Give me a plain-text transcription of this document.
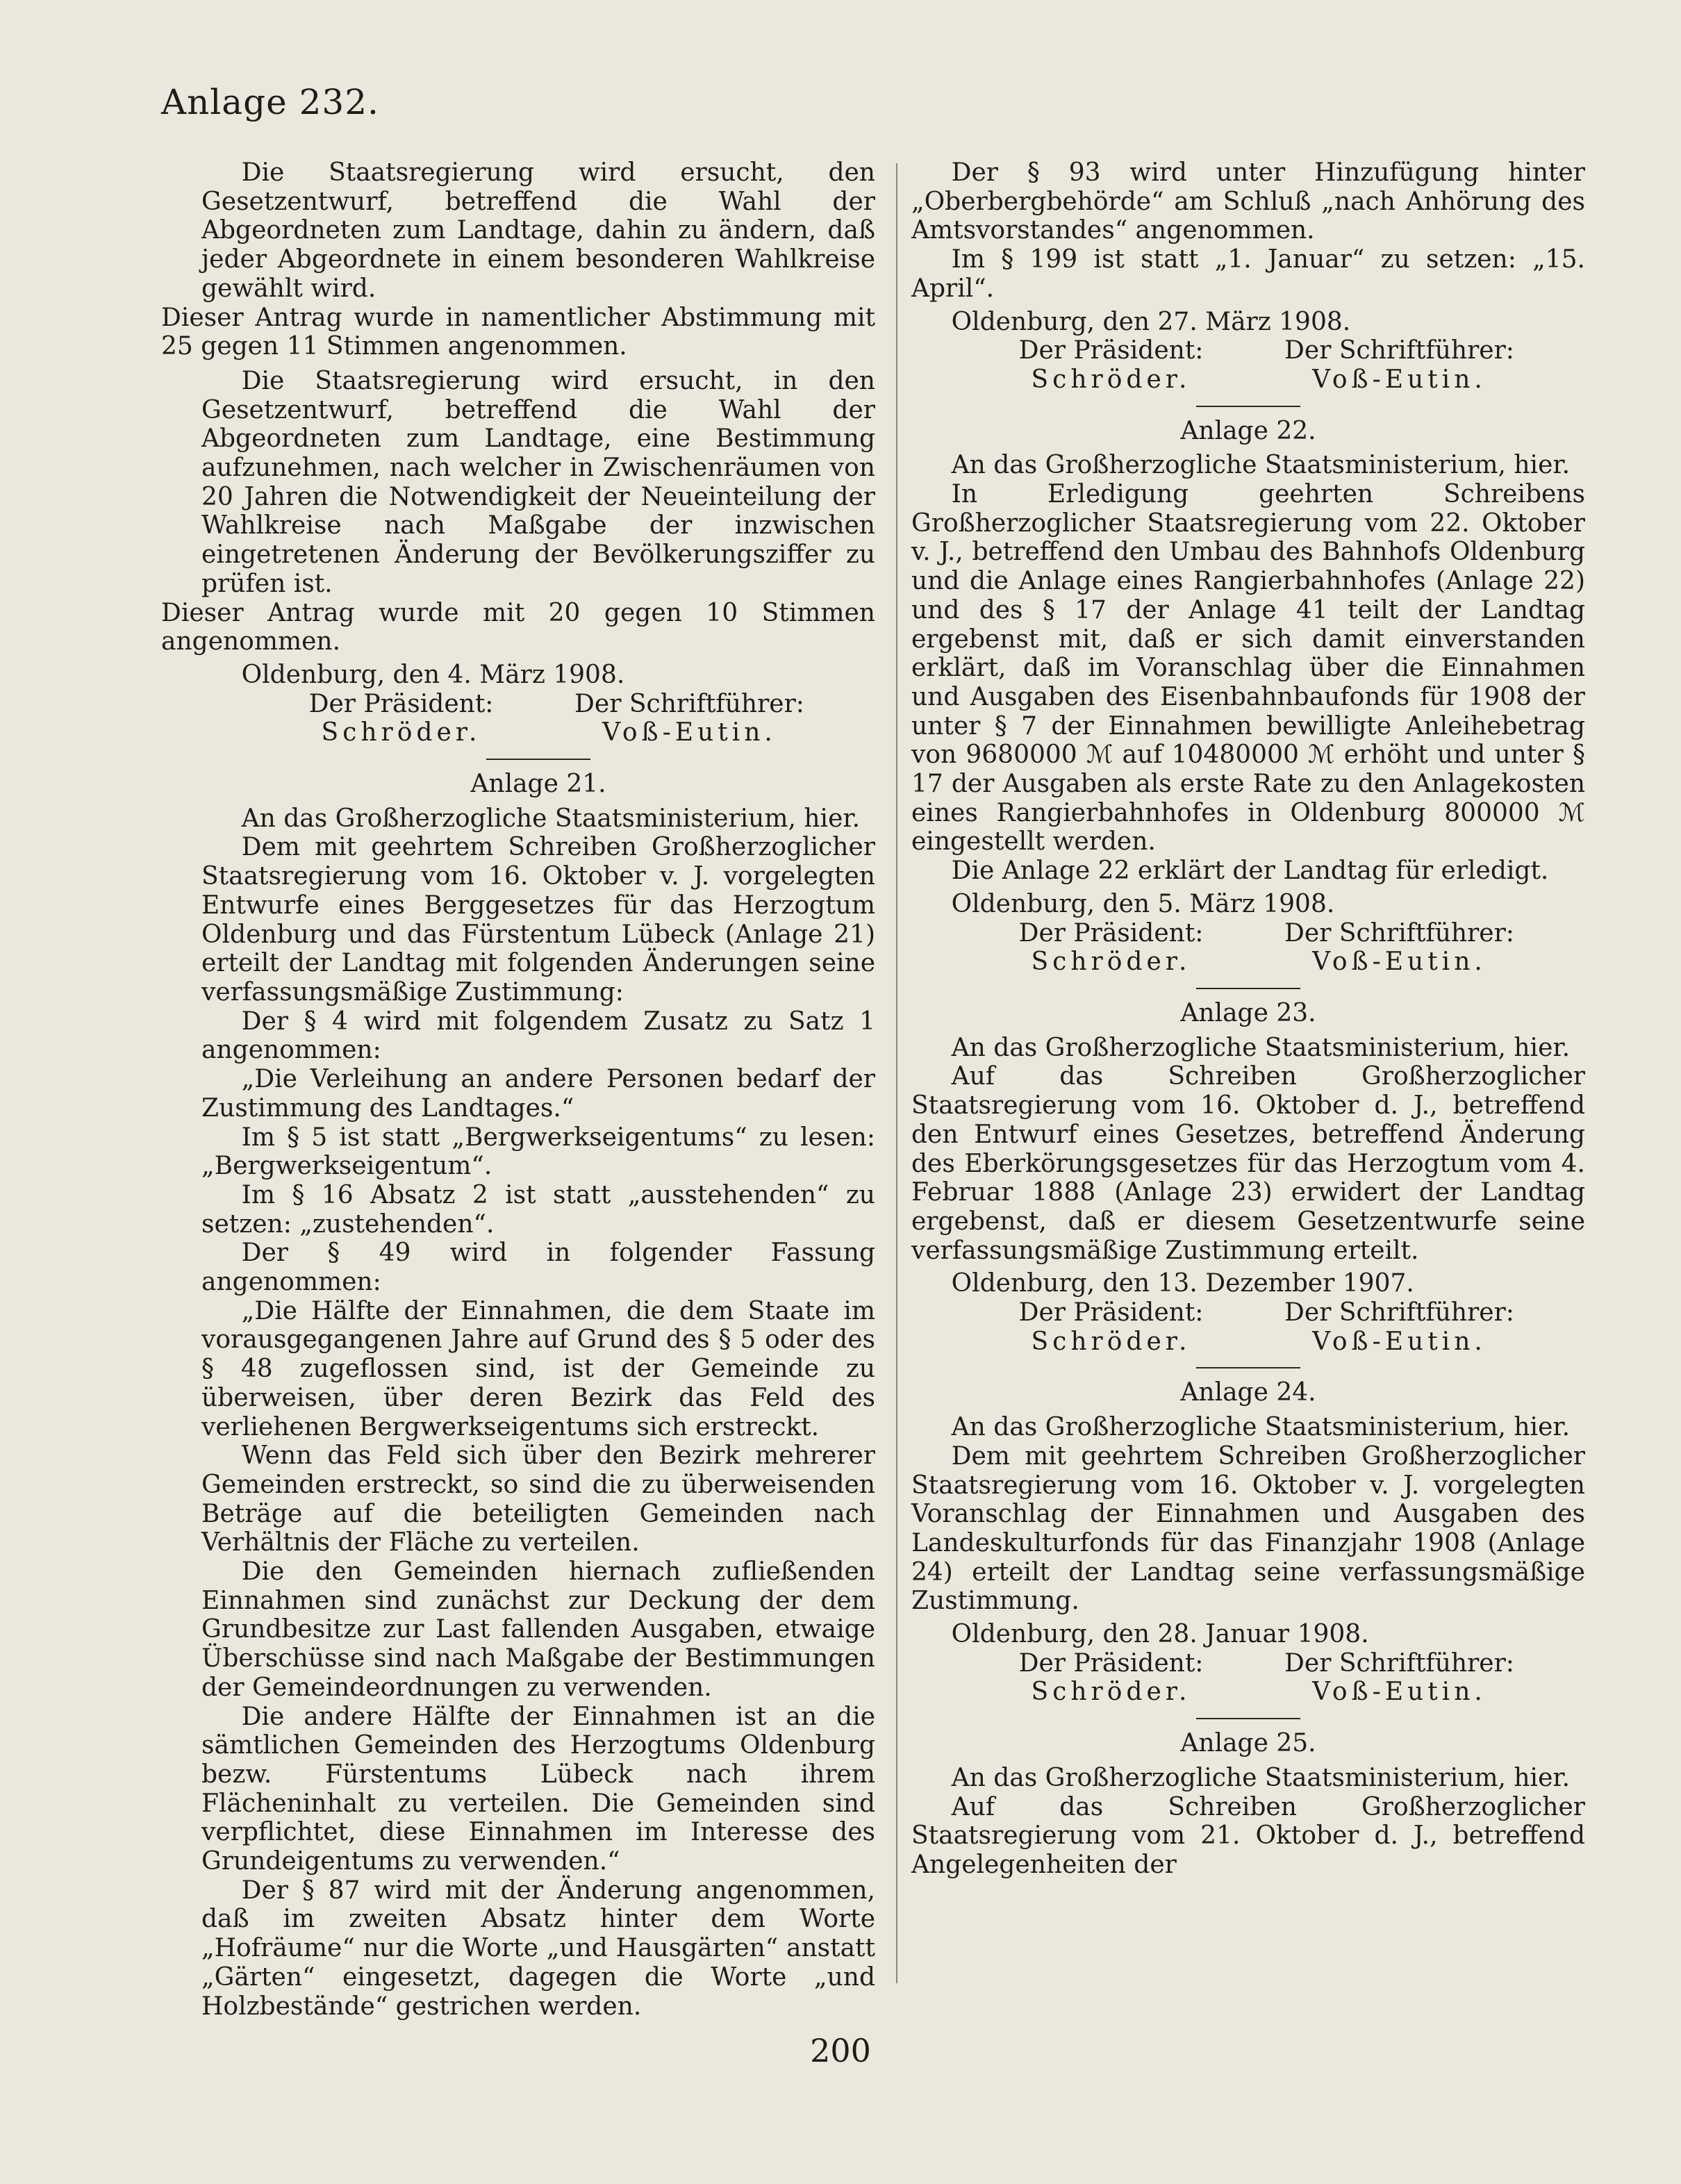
Anlage 232.

Die Staatsregierung wird ersucht, den Gesetzentwurf, betreffend die Wahl der Abgeordneten zum Landtage, dahin zu ändern, daß jeder Abgeordnete in einem besonderen Wahlkreise gewählt wird.

Dieser Antrag wurde in namentlicher Abstimmung mit 25 gegen 11 Stimmen angenommen.

Die Staatsregierung wird ersucht, in den Gesetzentwurf, betreffend die Wahl der Abgeordneten zum Landtage, eine Bestimmung aufzunehmen, nach welcher in Zwischenräumen von 20 Jahren die Notwendigkeit der Neueinteilung der Wahlkreise nach Maßgabe der inzwischen eingetretenen Änderung der Bevölkerungsziffer zu prüfen ist.

Dieser Antrag wurde mit 20 gegen 10 Stimmen angenommen.

Oldenburg, den 4. März 1908.

Der Präsident:	Der Schriftführer:
Schröder.	Voß-Eutin.

Anlage 21.

An das Großherzogliche Staatsministerium, hier.

Dem mit geehrtem Schreiben Großherzoglicher Staatsregierung vom 16. Oktober v. J. vorgelegten Entwurfe eines Berggesetzes für das Herzogtum Oldenburg und das Fürstentum Lübeck (Anlage 21) erteilt der Landtag mit folgenden Änderungen seine verfassungsmäßige Zustimmung:

Der § 4 wird mit folgendem Zusatz zu Satz 1 angenommen:

„Die Verleihung an andere Personen bedarf der Zustimmung des Landtages.“

Im § 5 ist statt „Bergwerkseigentums“ zu lesen: „Bergwerkseigentum“.

Im § 16 Absatz 2 ist statt „ausstehenden“ zu setzen: „zustehenden“.

Der § 49 wird in folgender Fassung angenommen:

„Die Hälfte der Einnahmen, die dem Staate im vorausgegangenen Jahre auf Grund des § 5 oder des § 48 zugeflossen sind, ist der Gemeinde zu überweisen, über deren Bezirk das Feld des verliehenen Bergwerkseigentums sich erstreckt.

Wenn das Feld sich über den Bezirk mehrerer Gemeinden erstreckt, so sind die zu überweisenden Beträge auf die beteiligten Gemeinden nach Verhältnis der Fläche zu verteilen.

Die den Gemeinden hiernach zufließenden Einnahmen sind zunächst zur Deckung der dem Grundbesitze zur Last fallenden Ausgaben, etwaige Überschüsse sind nach Maßgabe der Bestimmungen der Gemeindeordnungen zu verwenden.

Die andere Hälfte der Einnahmen ist an die sämtlichen Gemeinden des Herzogtums Oldenburg bezw. Fürstentums Lübeck nach ihrem Flächeninhalt zu verteilen. Die Gemeinden sind verpflichtet, diese Einnahmen im Interesse des Grundeigentums zu verwenden.“

Der § 87 wird mit der Änderung angenommen, daß im zweiten Absatz hinter dem Worte „Hofräume“ nur die Worte „und Hausgärten“ anstatt „Gärten“ eingesetzt, dagegen die Worte „und Holzbestände“ gestrichen werden.

Der § 93 wird unter Hinzufügung hinter „Oberbergbehörde“ am Schluß „nach Anhörung des Amtsvorstandes“ angenommen.

Im § 199 ist statt „1. Januar“ zu setzen: „15. April“.

Oldenburg, den 27. März 1908.

Der Präsident:	Der Schriftführer:
Schröder.	Voß-Eutin.

Anlage 22.

An das Großherzogliche Staatsministerium, hier.

In Erledigung geehrten Schreibens Großherzoglicher Staatsregierung vom 22. Oktober v. J., betreffend den Umbau des Bahnhofs Oldenburg und die Anlage eines Rangierbahnhofes (Anlage 22) und des § 17 der Anlage 41 teilt der Landtag ergebenst mit, daß er sich damit einverstanden erklärt, daß im Voranschlag über die Einnahmen und Ausgaben des Eisenbahnbaufonds für 1908 der unter § 7 der Einnahmen bewilligte Anleihebetrag von 9680000 ℳ auf 10480000 ℳ erhöht und unter § 17 der Ausgaben als erste Rate zu den Anlagekosten eines Rangierbahnhofes in Oldenburg 800000 ℳ eingestellt werden.

Die Anlage 22 erklärt der Landtag für erledigt.

Oldenburg, den 5. März 1908.

Der Präsident:	Der Schriftführer:
Schröder.	Voß-Eutin.

Anlage 23.

An das Großherzogliche Staatsministerium, hier.

Auf das Schreiben Großherzoglicher Staatsregierung vom 16. Oktober d. J., betreffend den Entwurf eines Gesetzes, betreffend Änderung des Eberkörungsgesetzes für das Herzogtum vom 4. Februar 1888 (Anlage 23) erwidert der Landtag ergebenst, daß er diesem Gesetzentwurfe seine verfassungsmäßige Zustimmung erteilt.

Oldenburg, den 13. Dezember 1907.

Der Präsident:	Der Schriftführer:
Schröder.	Voß-Eutin.

Anlage 24.

An das Großherzogliche Staatsministerium, hier.

Dem mit geehrtem Schreiben Großherzoglicher Staatsregierung vom 16. Oktober v. J. vorgelegten Voranschlag der Einnahmen und Ausgaben des Landeskulturfonds für das Finanzjahr 1908 (Anlage 24) erteilt der Landtag seine verfassungsmäßige Zustimmung.

Oldenburg, den 28. Januar 1908.

Der Präsident:	Der Schriftführer:
Schröder.	Voß-Eutin.

Anlage 25.

An das Großherzogliche Staatsministerium, hier.

Auf das Schreiben Großherzoglicher Staatsregierung vom 21. Oktober d. J., betreffend Angelegenheiten der

200
